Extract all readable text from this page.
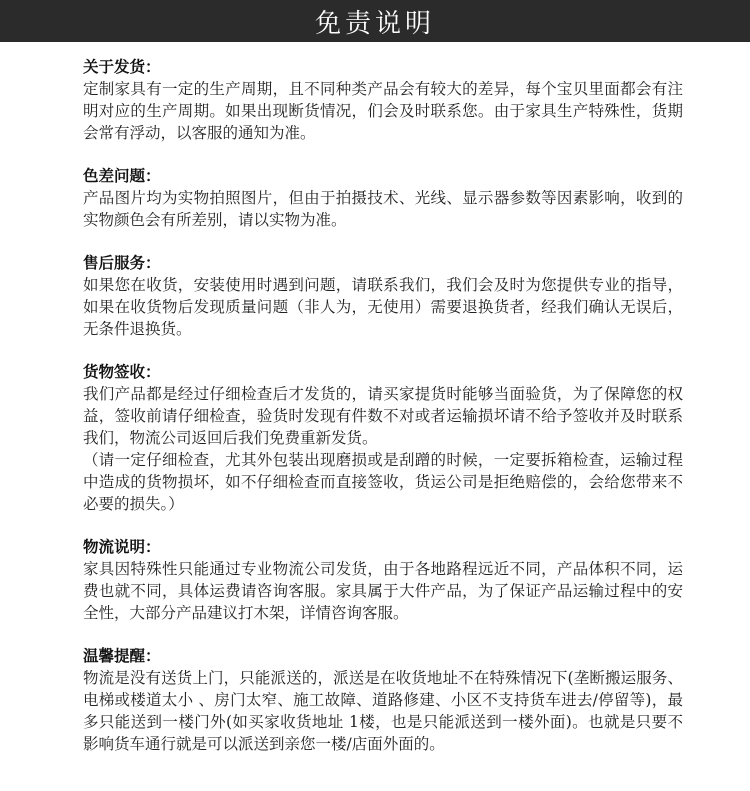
免责说明
关于发货：
定制家具有一定的生产周期，且不同种类产品会有较大的差异，每个宝贝里面都会有注明对应的生产周期。如果出现断货情况，们会及时联系您。由于家具生产特殊性，货期会常有浮动，以客服的通知为准。
色差问题：
产品图片均为实物拍照图片，但由于拍摄技术、光线、显示器参数等因素影响，收到的实物颜色会有所差别，请以实物为准。
售后服务：
如果您在收货，安装使用时遇到问题，请联系我们，我们会及时为您提供专业的指导，如果在收货物后发现质量问题（非人为，无使用）需要退换货者，经我们确认无误后，无条件退换货。
货物签收：
我们产品都是经过仔细检查后才发货的，请买家提货时能够当面验货，为了保障您的权益，签收前请仔细检查，验货时发现有件数不对或者运输损坏请不给予签收并及时联系我们，物流公司返回后我们免费重新发货。
（请一定仔细检查，尤其外包装出现磨损或是刮蹭的时候，一定要拆箱检查，运输过程中造成的货物损坏，如不仔细检查而直接签收，货运公司是拒绝赔偿的，会给您带来不必要的损失。）
物流说明：
家具因特殊性只能通过专业物流公司发货，由于各地路程远近不同，产品体积不同，运费也就不同，具体运费请咨询客服。家具属于大件产品，为了保证产品运输过程中的安全性，大部分产品建议打木架，详情咨询客服。
温馨提醒：
物流是没有送货上门，只能派送的，派送是在收货地址不在特殊情况下(垄断搬运服务、电梯或楼道太小 、房门太窄、施工故障、道路修建、小区不支持货车进去/停留等)，最多只能送到一楼门外(如买家收货地址 1楼，也是只能派送到一楼外面)。也就是只要不影响货车通行就是可以派送到亲您一楼/店面外面的。
